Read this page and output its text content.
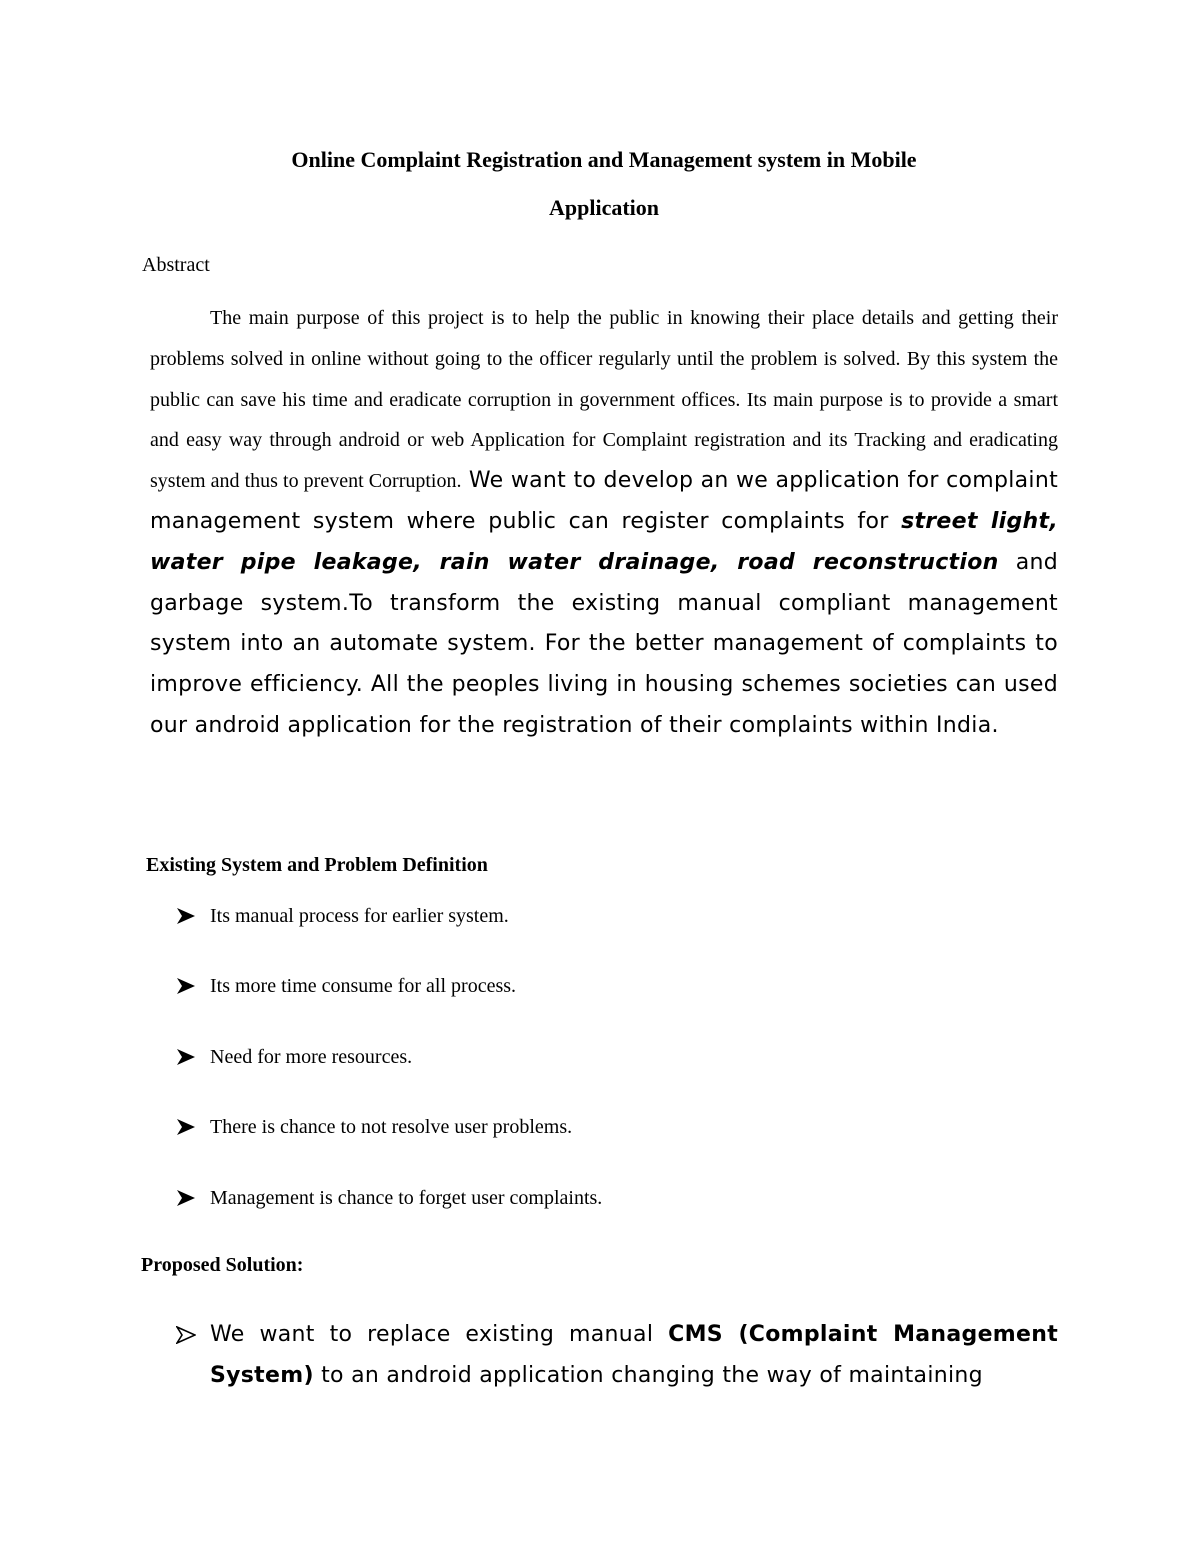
Online Complaint Registration and Management system in Mobile
Application
Abstract

The main purpose of this project is to help the public in knowing their place details and getting their problems solved in online without going to the officer regularly until the problem is solved. By this system the public can save his time and eradicate corruption in government offices. Its main purpose is to provide a smart and easy way through android or web Application for Complaint registration and its Tracking and eradicating system and thus to prevent Corruption. We want to develop an we application for complaint management system where public can register complaints for street light, water pipe leakage, rain water drainage, road reconstruction and garbage system.To transform the existing manual compliant management system into an automate system. For the better management of complaints to improve efficiency. All the peoples living in housing schemes societies can used our android application for the registration of their complaints within India.

Existing System and Problem Definition
Its manual process for earlier system.
Its more time consume for all process.
Need for more resources.
There is chance to not resolve user problems.
Management is chance to forget user complaints.
Proposed Solution:
We want to replace existing manual CMS (Complaint Management System) to an android application changing the way of maintaining
